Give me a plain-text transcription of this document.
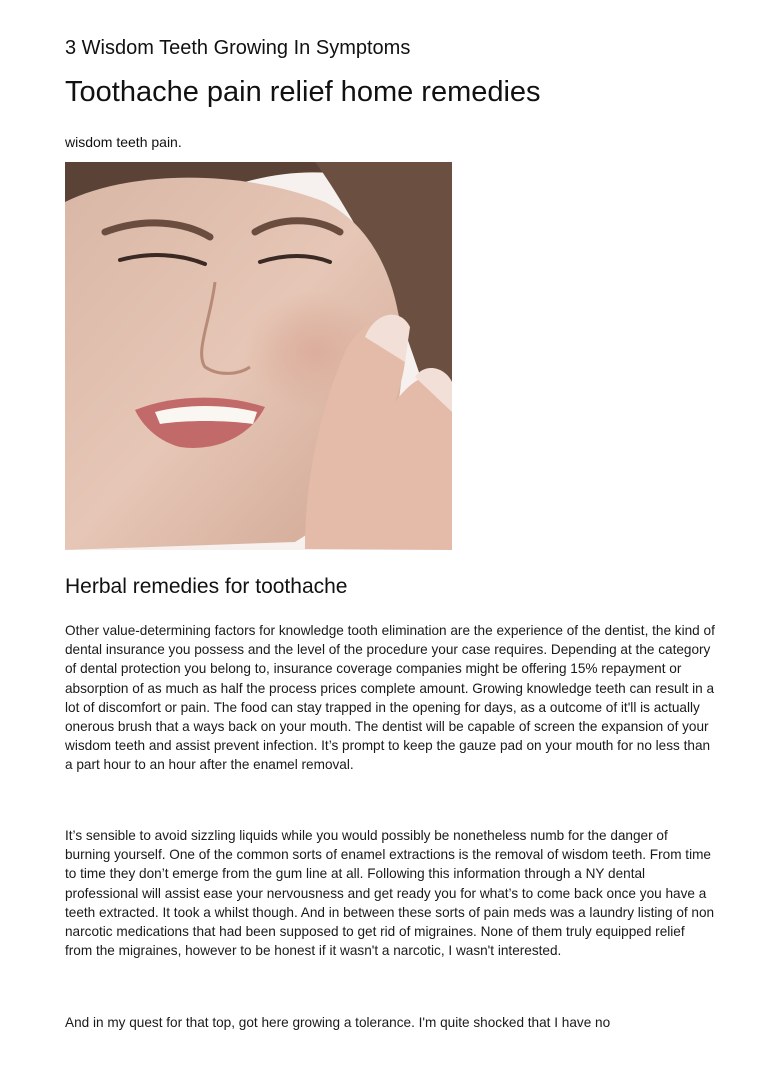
3 Wisdom Teeth Growing In Symptoms
Toothache pain relief home remedies
wisdom teeth pain.
Herbal remedies for toothache

Other value-determining factors for knowledge tooth elimination are the experience of the dentist, the kind of dental insurance you possess and the level of the procedure your case requires. Depending at the category of dental protection you belong to, insurance coverage companies might be offering 15% repayment or absorption of as much as half the process prices complete amount. Growing knowledge teeth can result in a lot of discomfort or pain. The food can stay trapped in the opening for days, as a outcome of it'll is actually onerous brush that a ways back on your mouth. The dentist will be capable of screen the expansion of your wisdom teeth and assist prevent infection. It’s prompt to keep the gauze pad on your mouth for no less than a part hour to an hour after the enamel removal.

It’s sensible to avoid sizzling liquids while you would possibly be nonetheless numb for the danger of burning yourself. One of the common sorts of enamel extractions is the removal of wisdom teeth. From time to time they don’t emerge from the gum line at all. Following this information through a NY dental professional will assist ease your nervousness and get ready you for what’s to come back once you have a teeth extracted. It took a whilst though. And in between these sorts of pain meds was a laundry listing of non narcotic medications that had been supposed to get rid of migraines. None of them truly equipped relief from the migraines, however to be honest if it wasn't a narcotic, I wasn't interested.

And in my quest for that top, got here growing a tolerance. I'm quite shocked that I have no
